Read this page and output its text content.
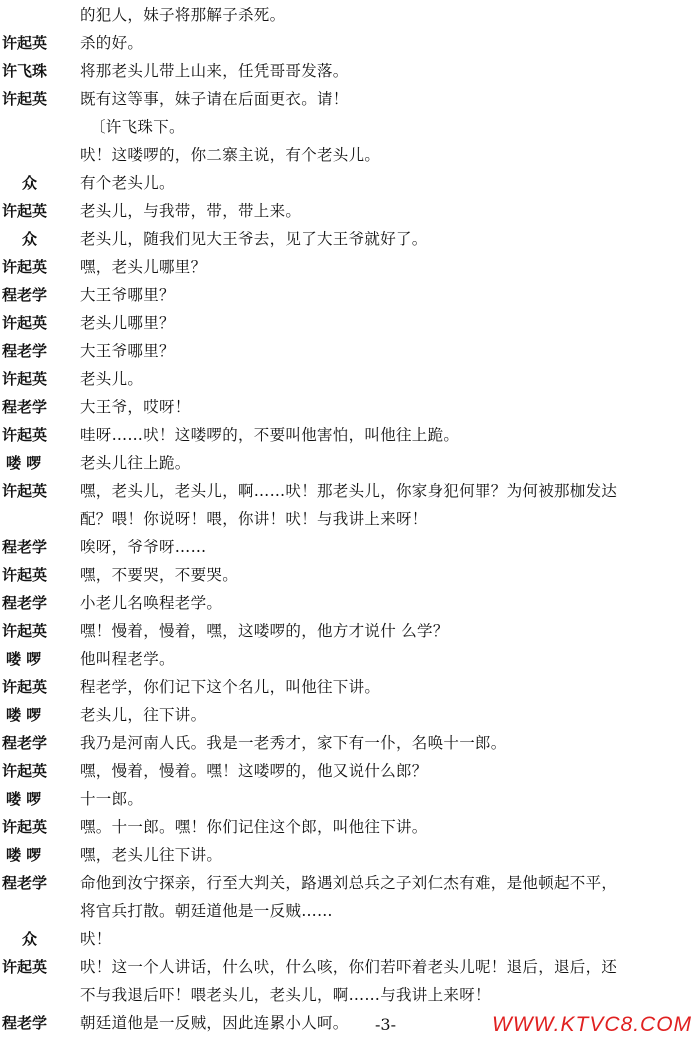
的犯人，妹子将那解子杀死。
许起英	杀的好。
许飞珠	将那老头儿带上山来，任凭哥哥发落。
许起英	既有这等事，妹子请在后面更衣。请！
〔许飞珠下。
吠！这喽啰的，你二寨主说，有个老头儿。
众	有个老头儿。
许起英	老头儿，与我带，带，带上来。
众	老头儿，随我们见大王爷去，见了大王爷就好了。
许起英	嘿，老头儿哪里？
程老学	大王爷哪里？
许起英	老头儿哪里？
程老学	大王爷哪里？
许起英	老头儿。
程老学	大王爷，哎呀！
许起英	哇呀……吠！这喽啰的，不要叫他害怕，叫他往上跪。
喽 啰	老头儿往上跪。
许起英	嘿，老头儿，老头儿，啊……吠！那老头儿，你家身犯何罪？为何被那枷发达
配？喂！你说呀！喂，你讲！吠！与我讲上来呀！
程老学	唉呀，爷爷呀……
许起英	嘿，不要哭，不要哭。
程老学	小老儿名唤程老学。
许起英	嘿！慢着，慢着，嘿，这喽啰的，他方才说什 么学？
喽 啰	他叫程老学。
许起英	程老学，你们记下这个名儿，叫他往下讲。
喽 啰	老头儿，往下讲。
程老学	我乃是河南人氏。我是一老秀才，家下有一仆，名唤十一郎。
许起英	嘿，慢着，慢着。嘿！这喽啰的，他又说什么郎？
喽 啰	十一郎。
许起英	嘿。十一郎。嘿！你们记住这个郎，叫他往下讲。
喽 啰	嘿，老头儿往下讲。
程老学	命他到汝宁探亲，行至大判关，路遇刘总兵之子刘仁杰有难，是他顿起不平，
将官兵打散。朝廷道他是一反贼……
众	吠！
许起英	吠！这一个人讲话，什么吠，什么咳，你们若吓着老头儿呢！退后，退后，还
不与我退后吓！喂老头儿，老头儿，啊……与我讲上来呀！
程老学	朝廷道他是一反贼，因此连累小人呵。 -3-	WWW.KTVC8.COM
